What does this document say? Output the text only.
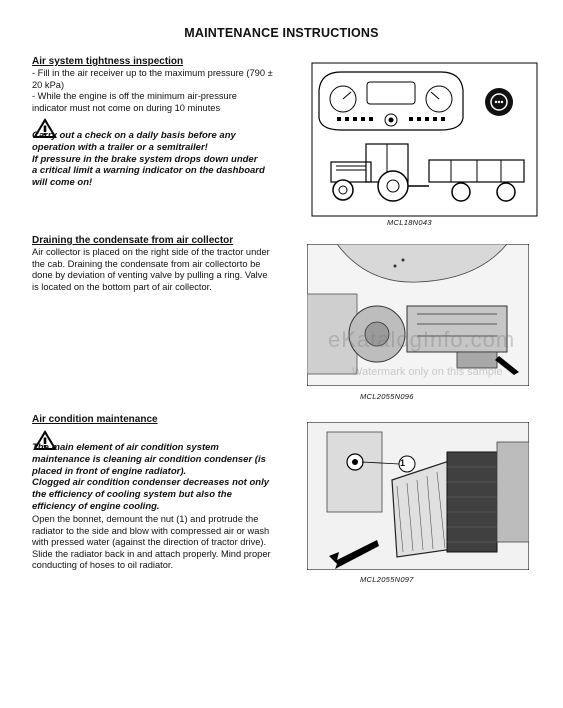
MAINTENANCE INSTRUCTIONS
Air system tightness inspection
- Fill in the air receiver up to the maximum pressure (790 ±
20 kPa)
- While the engine is off the minimum air-pressure
indicator must not come on during 10 minutes
Carry out a check on a daily basis before any
operation with a trailer or a semitrailer!
If pressure in the brake system drops down under
a critical limit a warning indicator on the dashboard
will come on!
MCL18N043
Draining the condensate from air collector
Air collector is placed on the right side of the tractor under
the cab. Draining the condensate from air collectorto be
done by deviation of venting valve by pulling a ring. Valve
is located on the bottom part of air collector.
eKatalogInfo.com
Watermark only on this sample
MCL2055N096
Air condition maintenance
The main element of air condition system
maintenance is cleaning air condition condenser (is
placed in front of engine radiator).
Clogged air condition condenser decreases not only
the efficiency of cooling system but also the
efficiency of engine cooling.
Open the bonnet, demount the nut (1) and protrude the
radiator to the side and blow with compressed air or wash
with pressed water (against the direction of tractor drive).
Slide the radiator back in and attach properly. Mind proper
conducting of hoses to oil radiator.
1
MCL2055N097
